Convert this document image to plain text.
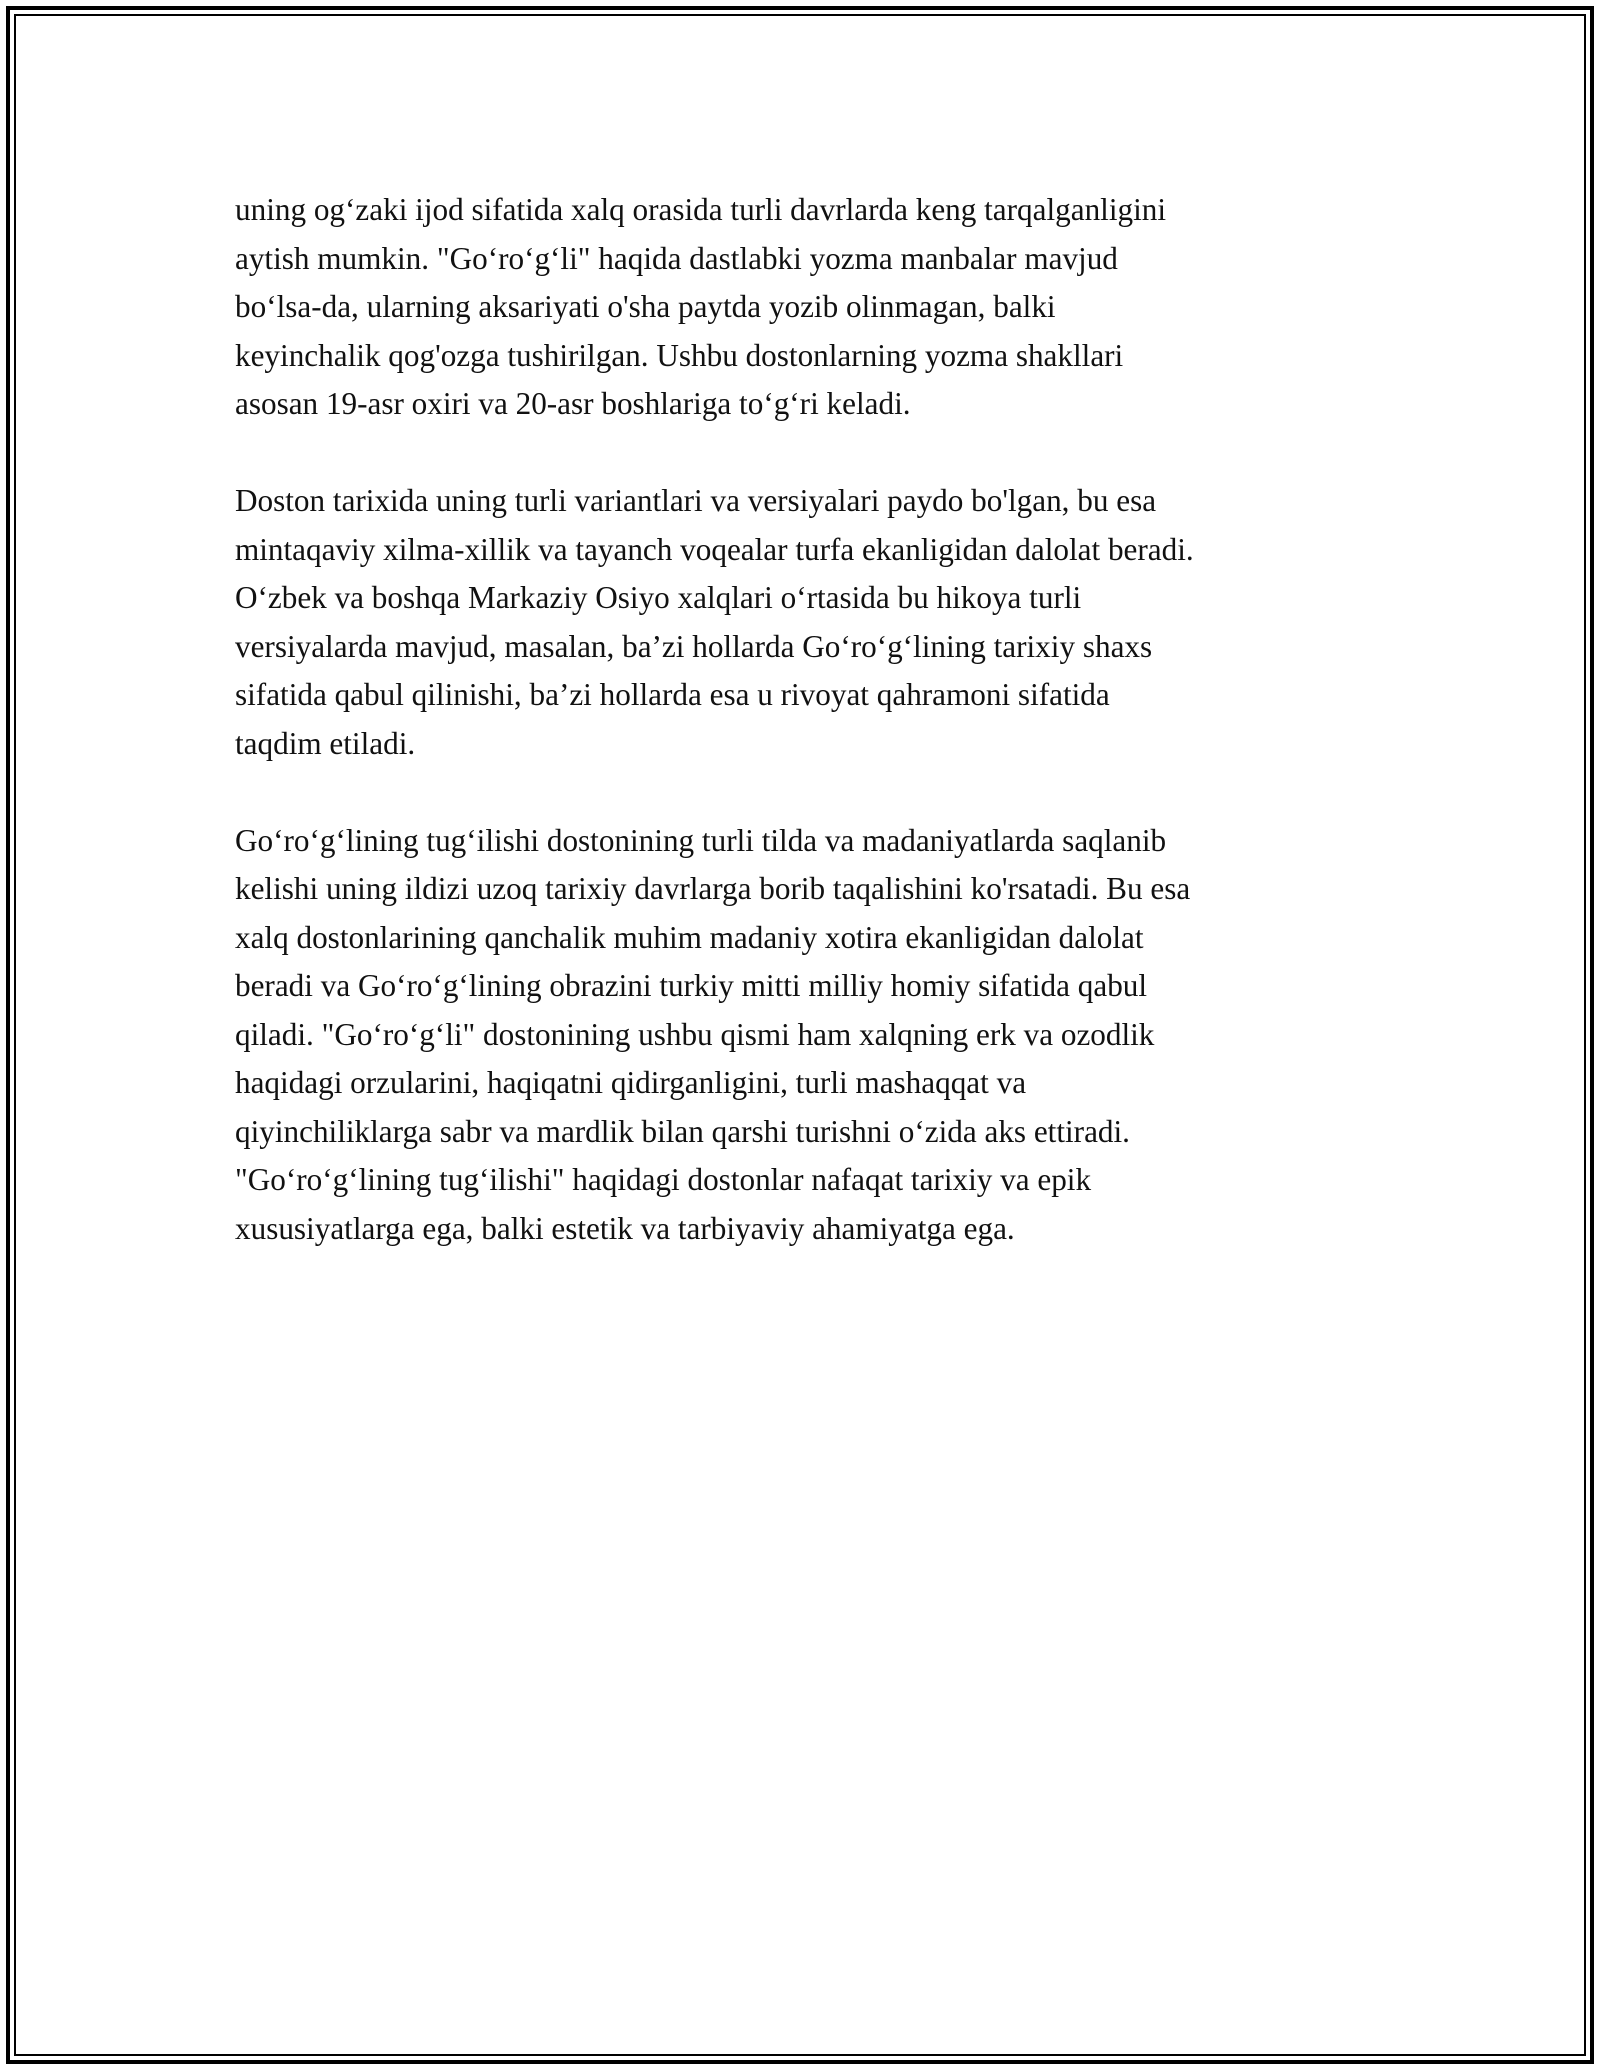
uning og‘zaki ijod sifatida xalq orasida turli davrlarda keng tarqalganligini
aytish mumkin. "Go‘ro‘g‘li" haqida dastlabki yozma manbalar mavjud
bo‘lsa-da, ularning aksariyati o'sha paytda yozib olinmagan, balki
keyinchalik qog'ozga tushirilgan. Ushbu dostonlarning yozma shakllari
asosan 19-asr oxiri va 20-asr boshlariga to‘g‘ri keladi.

Doston tarixida uning turli variantlari va versiyalari paydo bo'lgan, bu esa
mintaqaviy xilma-xillik va tayanch voqealar turfa ekanligidan dalolat beradi.
O‘zbek va boshqa Markaziy Osiyo xalqlari o‘rtasida bu hikoya turli
versiyalarda mavjud, masalan, ba’zi hollarda Go‘ro‘g‘lining tarixiy shaxs
sifatida qabul qilinishi, ba’zi hollarda esa u rivoyat qahramoni sifatida
taqdim etiladi.

Go‘ro‘g‘lining tug‘ilishi dostonining turli tilda va madaniyatlarda saqlanib
kelishi uning ildizi uzoq tarixiy davrlarga borib taqalishini ko'rsatadi. Bu esa
xalq dostonlarining qanchalik muhim madaniy xotira ekanligidan dalolat
beradi va Go‘ro‘g‘lining obrazini turkiy mitti milliy homiy sifatida qabul
qiladi. "Go‘ro‘g‘li" dostonining ushbu qismi ham xalqning erk va ozodlik
haqidagi orzularini, haqiqatni qidirganligini, turli mashaqqat va
qiyinchiliklarga sabr va mardlik bilan qarshi turishni o‘zida aks ettiradi.
"Go‘ro‘g‘lining tug‘ilishi" haqidagi dostonlar nafaqat tarixiy va epik
xususiyatlarga ega, balki estetik va tarbiyaviy ahamiyatga ega.
